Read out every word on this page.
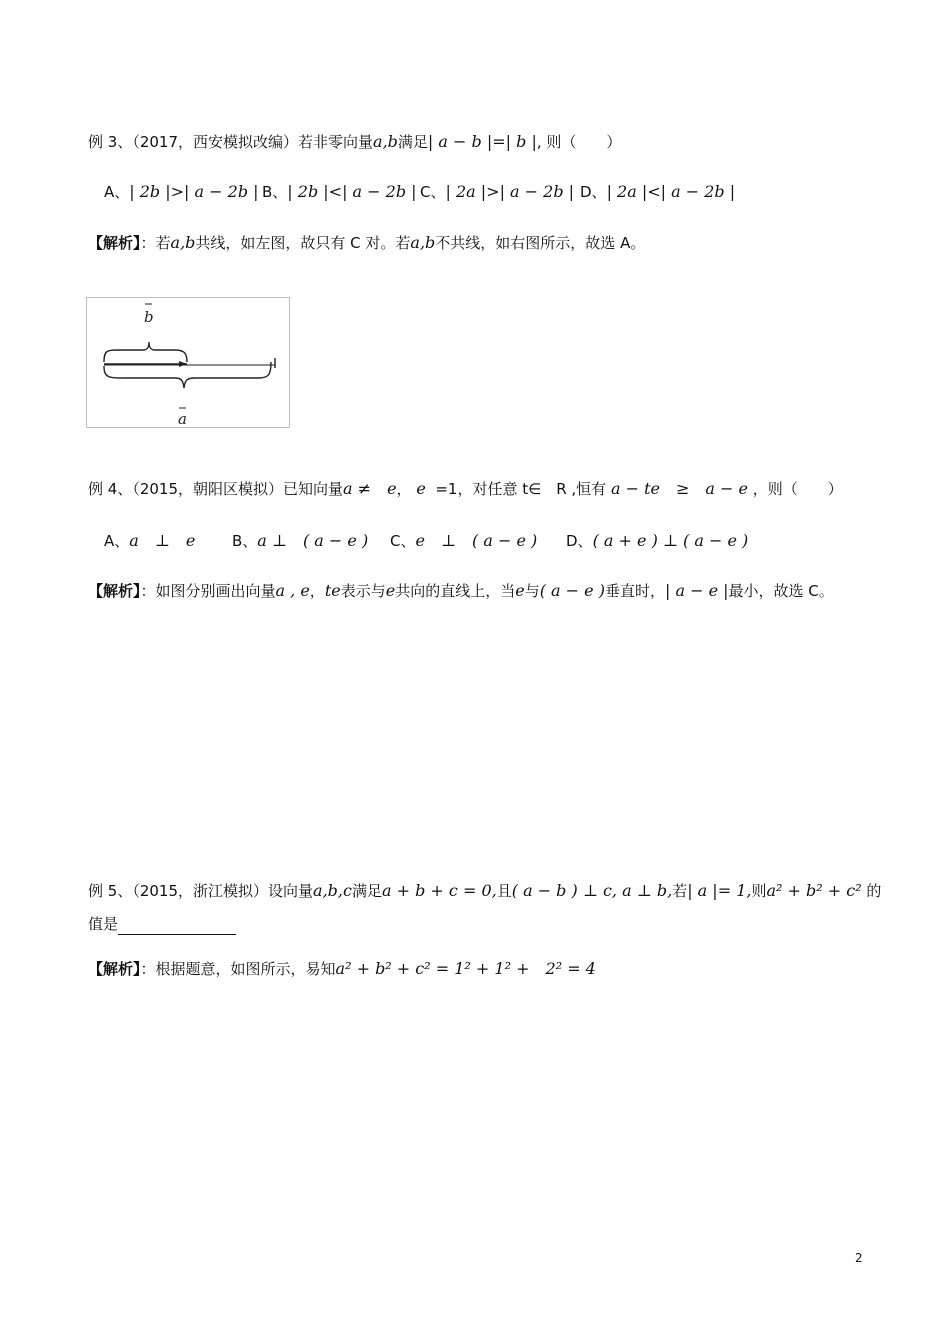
例 3、（2017，西安模拟改编）若非零向量a,b满足| a − b |=| b |, 则（　　）
A、| 2b |>| a − 2b | B、| 2b |<| a − 2b | C、| 2a |>| a − 2b | D、| 2a |<| a − 2b |
【解析】：若a,b共线，如左图，故只有 C 对。若a,b不共线，如右图所示，故选 A。
b
a
例 4、（2015，朝阳区模拟）已知向量a ≠　e， e =1，对任意 t∈　R ,恒有 a − te　≥　a − e ，则（　　）
A、a　⊥　e B、a ⊥　( a − e ) C、e　⊥　( a − e ) D、( a + e ) ⊥ ( a − e )
【解析】：如图分别画出向量a , e，te表示与e共向的直线上，当e与( a − e )垂直时，| a − e |最小，故选 C。
例 5、（2015，浙江模拟）设向量a,b,c满足a + b + c = 0,且( a − b ) ⊥ c, a ⊥ b,若| a |= 1,则a² + b² + c² 的
值是
【解析】：根据题意，如图所示，易知a² + b² + c² = 1² + 1² +　2² = 4
2
